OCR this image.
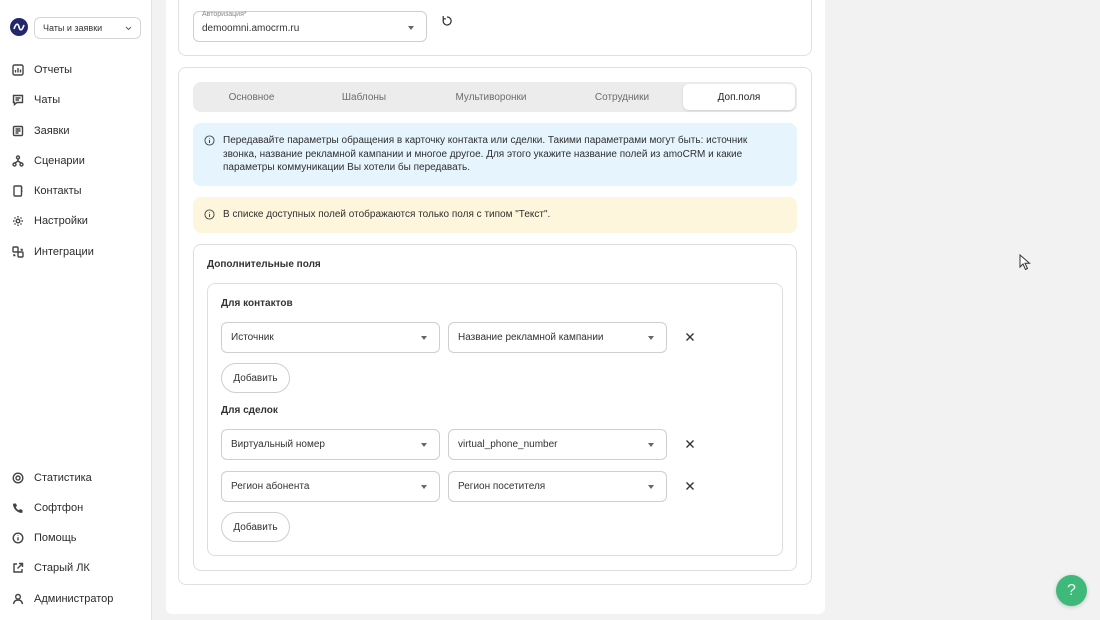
Чаты и заявки
Отчеты
Чаты
Заявки
Сценарии
Контакты
Настройки
Интеграции
Статистика
Софтфон
Помощь
Старый ЛК
Администратор
Авторизация*
demoomni.amocrm.ru
Основное	Шаблоны	Мультиворонки	Сотрудники	Доп.поля
Передавайте параметры обращения в карточку контакта или сделки. Такими параметрами могут быть: источник звонка, название рекламной кампании и многое другое. Для этого укажите название полей из amoCRM и какие параметры коммуникации Вы хотели бы передавать.
В списке доступных полей отображаются только поля с типом "Текст".
Дополнительные поля
Для контактов
Источник	Название рекламной кампании
Добавить
Для сделок
Виртуальный номер	virtual_phone_number
Регион абонента	Регион посетителя
Добавить
?
